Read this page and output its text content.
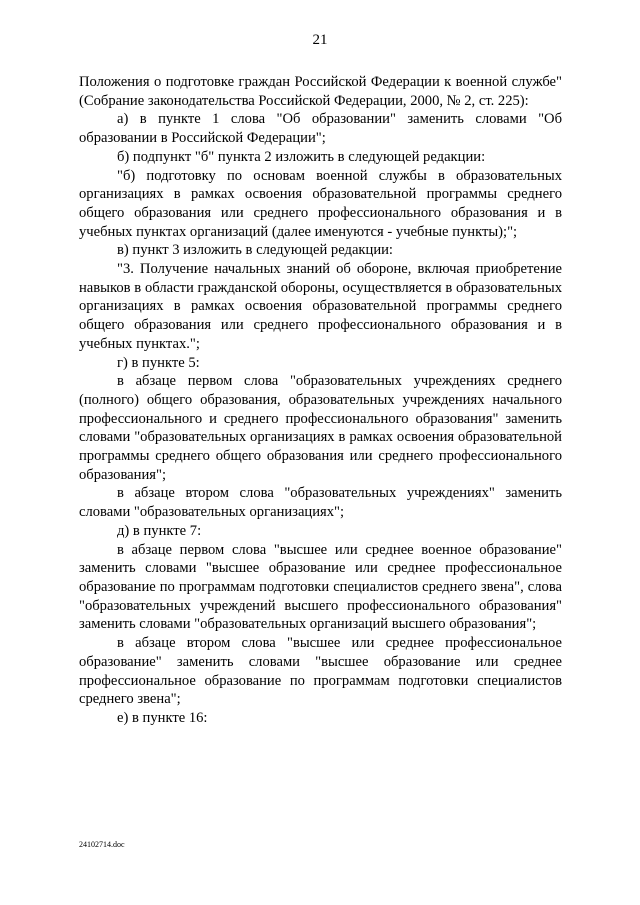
21

Положения о подготовке граждан Российской Федерации к военной службе" (Собрание законодательства Российской Федерации, 2000, № 2, ст. 225):

а) в пункте 1 слова "Об образовании" заменить словами "Об образовании в Российской Федерации";

б) подпункт "б" пункта 2 изложить в следующей редакции:

"б) подготовку по основам военной службы в образовательных организациях в рамках освоения образовательной программы среднего общего образования или среднего профессионального образования и в учебных пунктах организаций (далее именуются - учебные пункты);";

в) пункт 3 изложить в следующей редакции:

"3. Получение начальных знаний об обороне, включая приобретение навыков в области гражданской обороны, осуществляется в образовательных организациях в рамках освоения образовательной программы среднего общего образования или среднего профессионального образования и в учебных пунктах.";

г) в пункте 5:

в абзаце первом слова "образовательных учреждениях среднего (полного) общего образования, образовательных учреждениях начального профессионального и среднего профессионального образования" заменить словами "образовательных организациях в рамках освоения образовательной программы среднего общего образования или среднего профессионального образования";

в абзаце втором слова "образовательных учреждениях" заменить словами "образовательных организациях";

д) в пункте 7:

в абзаце первом слова "высшее или среднее военное образование" заменить словами "высшее образование или среднее профессиональное образование по программам подготовки специалистов среднего звена", слова "образовательных учреждений высшего профессионального образования" заменить словами "образовательных организаций высшего образования";

в абзаце втором слова "высшее или среднее профессиональное образование" заменить словами "высшее образование или среднее профессиональное образование по программам подготовки специалистов среднего звена";

е) в пункте 16:

24102714.doc
